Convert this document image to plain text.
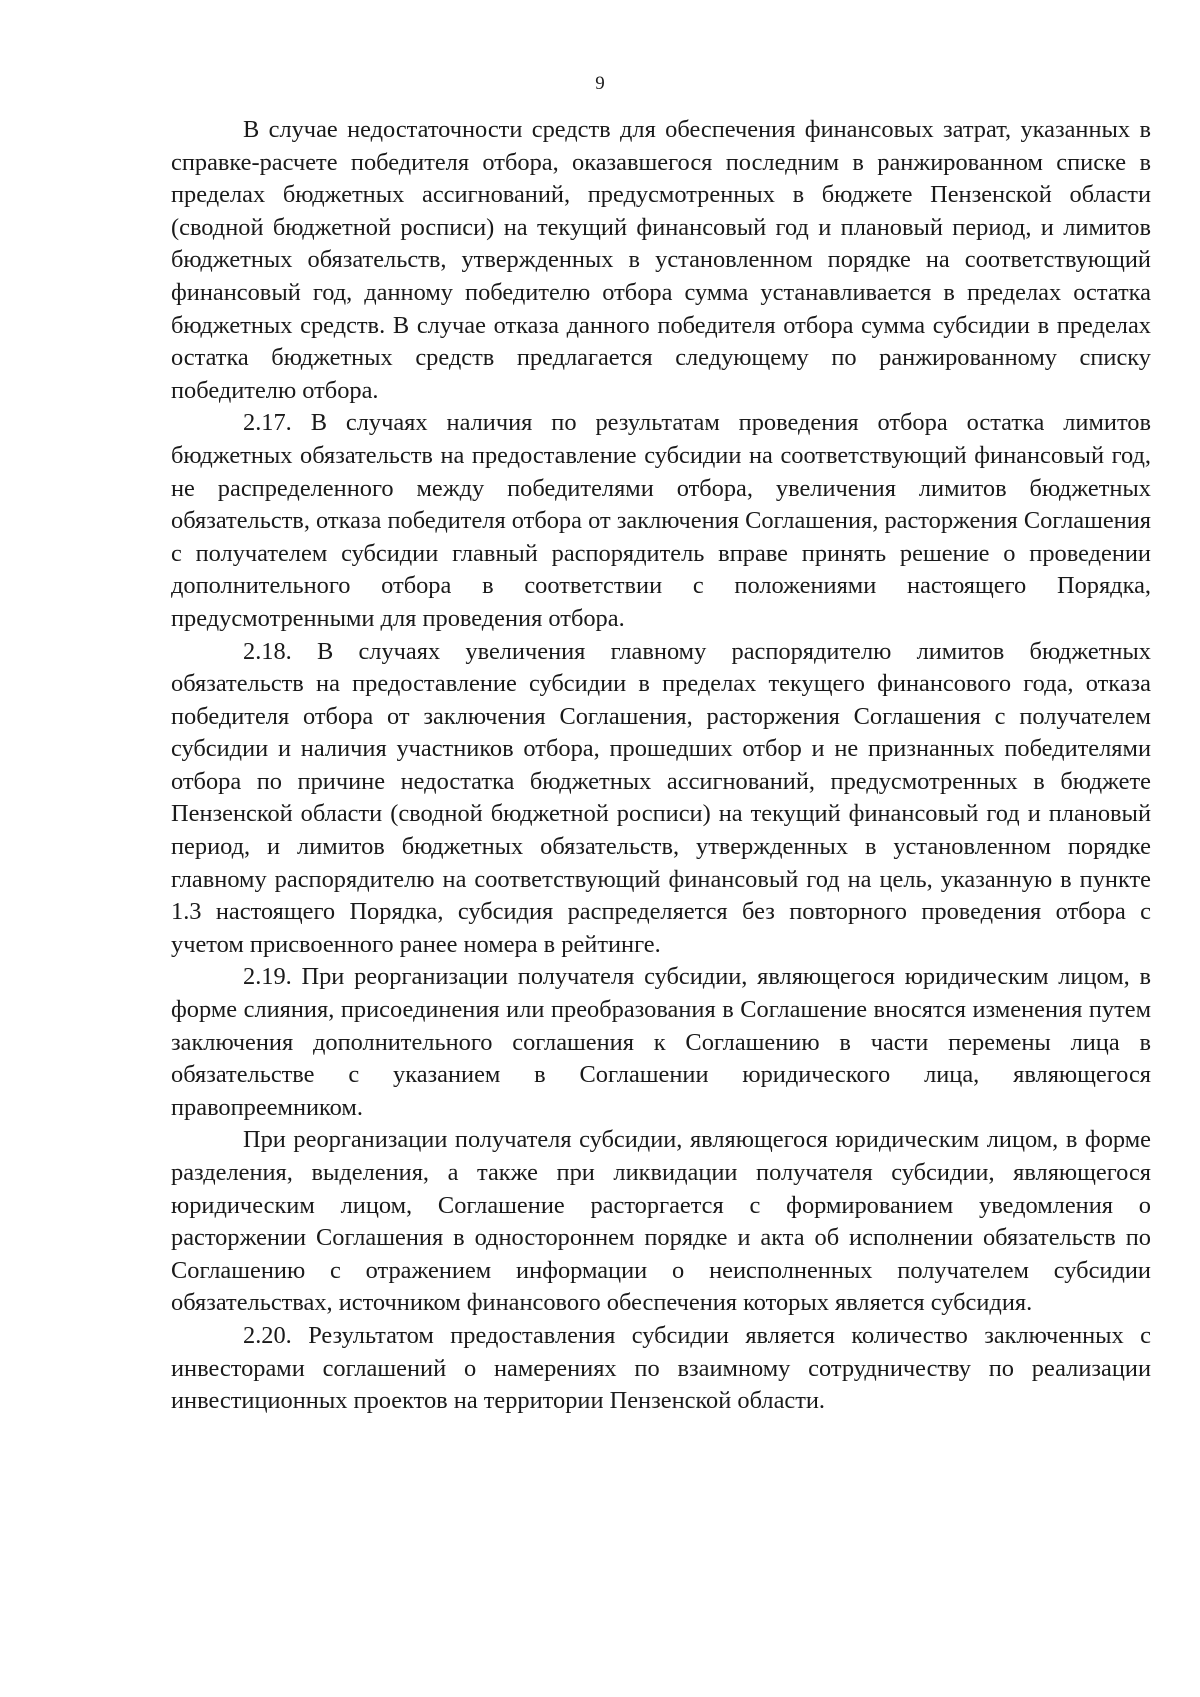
9

В случае недостаточности средств для обеспечения финансовых затрат, указанных в справке-расчете победителя отбора, оказавшегося последним в ранжированном списке в пределах бюджетных ассигнований, предусмотренных в бюджете Пензенской области (сводной бюджетной росписи) на текущий финансовый год и плановый период, и лимитов бюджетных обязательств, утвержденных в установленном порядке на соответствующий финансовый год, данному победителю отбора сумма устанавливается в пределах остатка бюджетных средств. В случае отказа данного победителя отбора сумма субсидии в пределах остатка бюджетных средств предлагается следующему по ранжированному списку победителю отбора.

2.17. В случаях наличия по результатам проведения отбора остатка лимитов бюджетных обязательств на предоставление субсидии на соответствующий финансовый год, не распределенного между победителями отбора, увеличения лимитов бюджетных обязательств, отказа победителя отбора от заключения Соглашения, расторжения Соглашения с получателем субсидии главный распорядитель вправе принять решение о проведении дополнительного отбора в соответствии с положениями настоящего Порядка, предусмотренными для проведения отбора.

2.18. В случаях увеличения главному распорядителю лимитов бюджетных обязательств на предоставление субсидии в пределах текущего финансового года, отказа победителя отбора от заключения Соглашения, расторжения Соглашения с получателем субсидии и наличия участников отбора, прошедших отбор и не признанных победителями отбора по причине недостатка бюджетных ассигнований, предусмотренных в бюджете Пензенской области (сводной бюджетной росписи) на текущий финансовый год и плановый период, и лимитов бюджетных обязательств, утвержденных в установленном порядке главному распорядителю на соответствующий финансовый год на цель, указанную в пункте 1.3 настоящего Порядка, субсидия распределяется без повторного проведения отбора с учетом присвоенного ранее номера в рейтинге.

2.19. При реорганизации получателя субсидии, являющегося юридическим лицом, в форме слияния, присоединения или преобразования в Соглашение вносятся изменения путем заключения дополнительного соглашения к Соглашению в части перемены лица в обязательстве с указанием в Соглашении юридического лица, являющегося правопреемником.

При реорганизации получателя субсидии, являющегося юридическим лицом, в форме разделения, выделения, а также при ликвидации получателя субсидии, являющегося юридическим лицом, Соглашение расторгается с формированием уведомления о расторжении Соглашения в одностороннем порядке и акта об исполнении обязательств по Соглашению с отражением информации о неисполненных получателем субсидии обязательствах, источником финансового обеспечения которых является субсидия.

2.20. Результатом предоставления субсидии является количество заключенных с инвесторами соглашений о намерениях по взаимному сотрудничеству по реализации инвестиционных проектов на территории Пензенской области.
